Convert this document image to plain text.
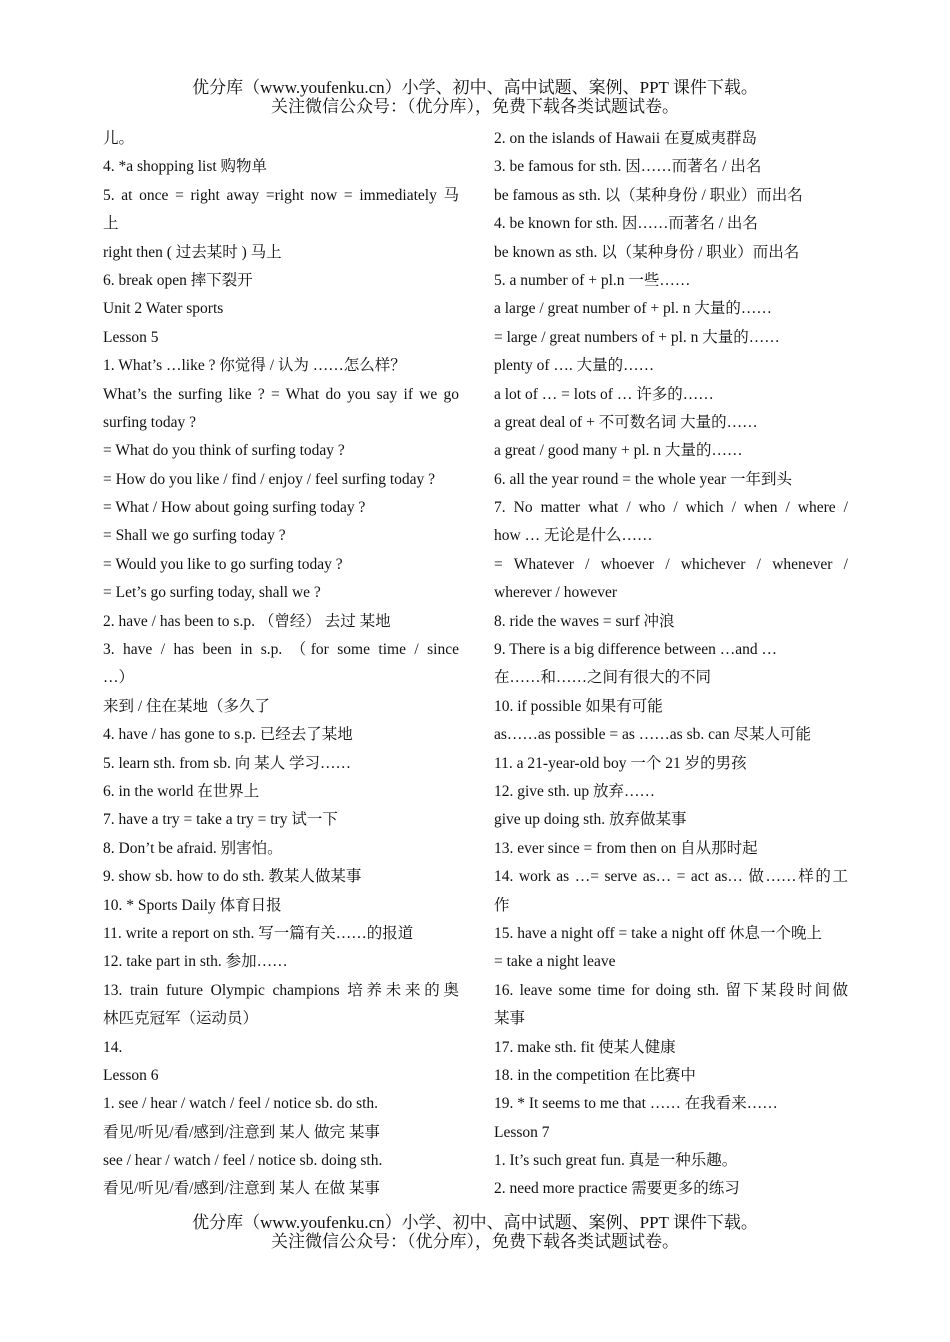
优分库（www.youfenku.cn）小学、初中、高中试题、案例、PPT 课件下载。
关注微信公众号：（优分库），免费下载各类试题试卷。
儿。
4. *a shopping list 购物单
5. at once = right away =right now = immediately 马
上
right then ( 过去某时 ) 马上
6. break open 摔下裂开
Unit 2 Water sports
Lesson 5
1. What’s …like ? 你觉得 / 认为 ……怎么样？
What’s the surfing like ? = What do you say if we go
surfing today ?
= What do you think of surfing today ?
= How do you like / find / enjoy / feel surfing today ?
= What / How about going surfing today ?
= Shall we go surfing today ?
= Would you like to go surfing today ?
= Let’s go surfing today, shall we ?
2. have / has been to s.p. （曾经） 去过 某地
3. have / has been in s.p. （for some time / since
…）
来到 / 住在某地（多久了
4. have / has gone to s.p. 已经去了某地
5. learn sth. from sb. 向 某人 学习……
6. in the world 在世界上
7. have a try = take a try = try 试一下
8. Don’t be afraid. 别害怕。
9. show sb. how to do sth. 教某人做某事
10. * Sports Daily 体育日报
11. write a report on sth. 写一篇有关……的报道
12. take part in sth. 参加……
13. train future Olympic champions 培养未来的奥
林匹克冠军（运动员）
14.
Lesson 6
1. see / hear / watch / feel / notice sb. do sth.
看见/听见/看/感到/注意到 某人 做完 某事
see / hear / watch / feel / notice sb. doing sth.
看见/听见/看/感到/注意到 某人 在做 某事
2. on the islands of Hawaii 在夏威夷群岛
3. be famous for sth. 因……而著名 / 出名
be famous as sth. 以（某种身份 / 职业）而出名
4. be known for sth. 因……而著名 / 出名
be known as sth. 以（某种身份 / 职业）而出名
5. a number of + pl.n 一些……
a large / great number of + pl. n 大量的……
= large / great numbers of + pl. n 大量的……
plenty of …. 大量的……
a lot of … = lots of … 许多的……
a great deal of + 不可数名词 大量的……
a great / good many + pl. n 大量的……
6. all the year round = the whole year 一年到头
7. No matter what / who / which / when / where /
how … 无论是什么……
= Whatever / whoever / whichever / whenever /
wherever / however
8. ride the waves = surf 冲浪
9. There is a big difference between …and …
在……和……之间有很大的不同
10. if possible 如果有可能
as……as possible = as ……as sb. can 尽某人可能
11. a 21-year-old boy 一个 21 岁的男孩
12. give sth. up 放弃……
give up doing sth. 放弃做某事
13. ever since = from then on 自从那时起
14. work as …= serve as… = act as… 做……样的工
作
15. have a night off = take a night off 休息一个晚上
= take a night leave
16. leave some time for doing sth. 留下某段时间做
某事
17. make sth. fit 使某人健康
18. in the competition 在比赛中
19. * It seems to me that …… 在我看来……
Lesson 7
1. It’s such great fun. 真是一种乐趣。
2. need more practice 需要更多的练习
优分库（www.youfenku.cn）小学、初中、高中试题、案例、PPT 课件下载。
关注微信公众号：（优分库），免费下载各类试题试卷。
